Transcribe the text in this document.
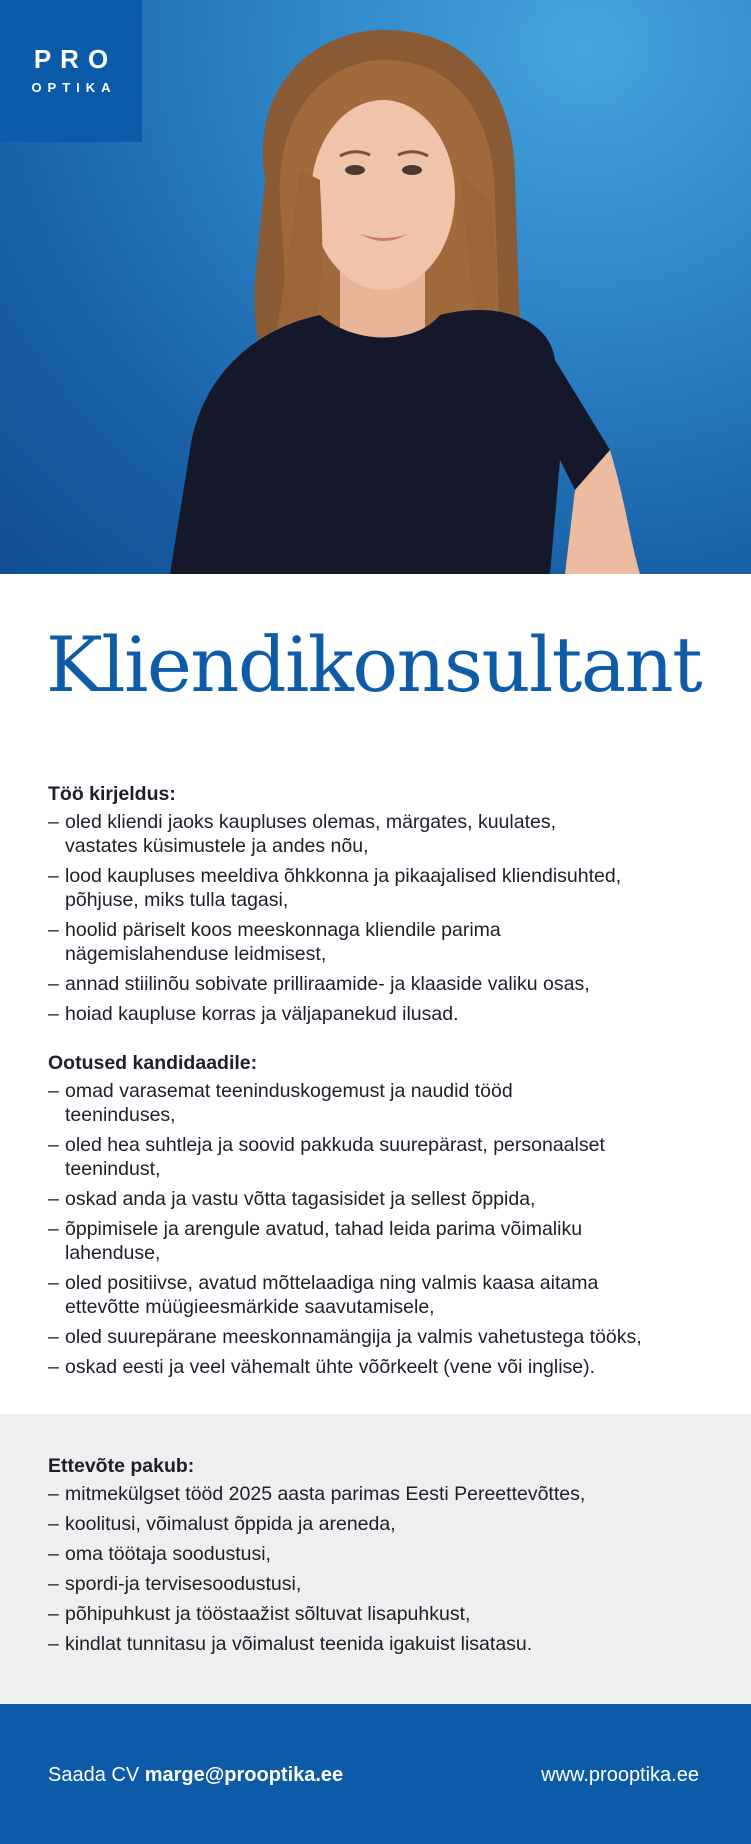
PRO
OPTIKA
Kliendikonsultant
Töö kirjeldus:
– oled kliendi jaoks kaupluses olemas, märgates, kuulates,
vastates küsimustele ja andes nõu,
– lood kaupluses meeldiva õhkkonna ja pikaajalised kliendisuhted,
põhjuse, miks tulla tagasi,
– hoolid päriselt koos meeskonnaga kliendile parima
nägemislahenduse leidmisest,
– annad stiilinõu sobivate prilliraamide- ja klaaside valiku osas,
– hoiad kaupluse korras ja väljapanekud ilusad.
Ootused kandidaadile:
– omad varasemat teeninduskogemust ja naudid tööd
teeninduses,
– oled hea suhtleja ja soovid pakkuda suurepärast, personaalset
teenindust,
– oskad anda ja vastu võtta tagasisidet ja sellest õppida,
– õppimisele ja arengule avatud, tahad leida parima võimaliku
lahenduse,
– oled positiivse, avatud mõttelaadiga ning valmis kaasa aitama
ettevõtte müügieesmärkide saavutamisele,
– oled suurepärane meeskonnamängija ja valmis vahetustega tööks,
– oskad eesti ja veel vähemalt ühte võõrkeelt (vene või inglise).
Ettevõte pakub:
– mitmekülgset tööd 2025 aasta parimas Eesti Pereettevõttes,
– koolitusi, võimalust õppida ja areneda,
– oma töötaja soodustusi,
– spordi-ja tervisesoodustusi,
– põhipuhkust ja tööstaažist sõltuvat lisapuhkust,
– kindlat tunnitasu ja võimalust teenida igakuist lisatasu.
Saada CV marge@prooptika.ee	www.prooptika.ee
